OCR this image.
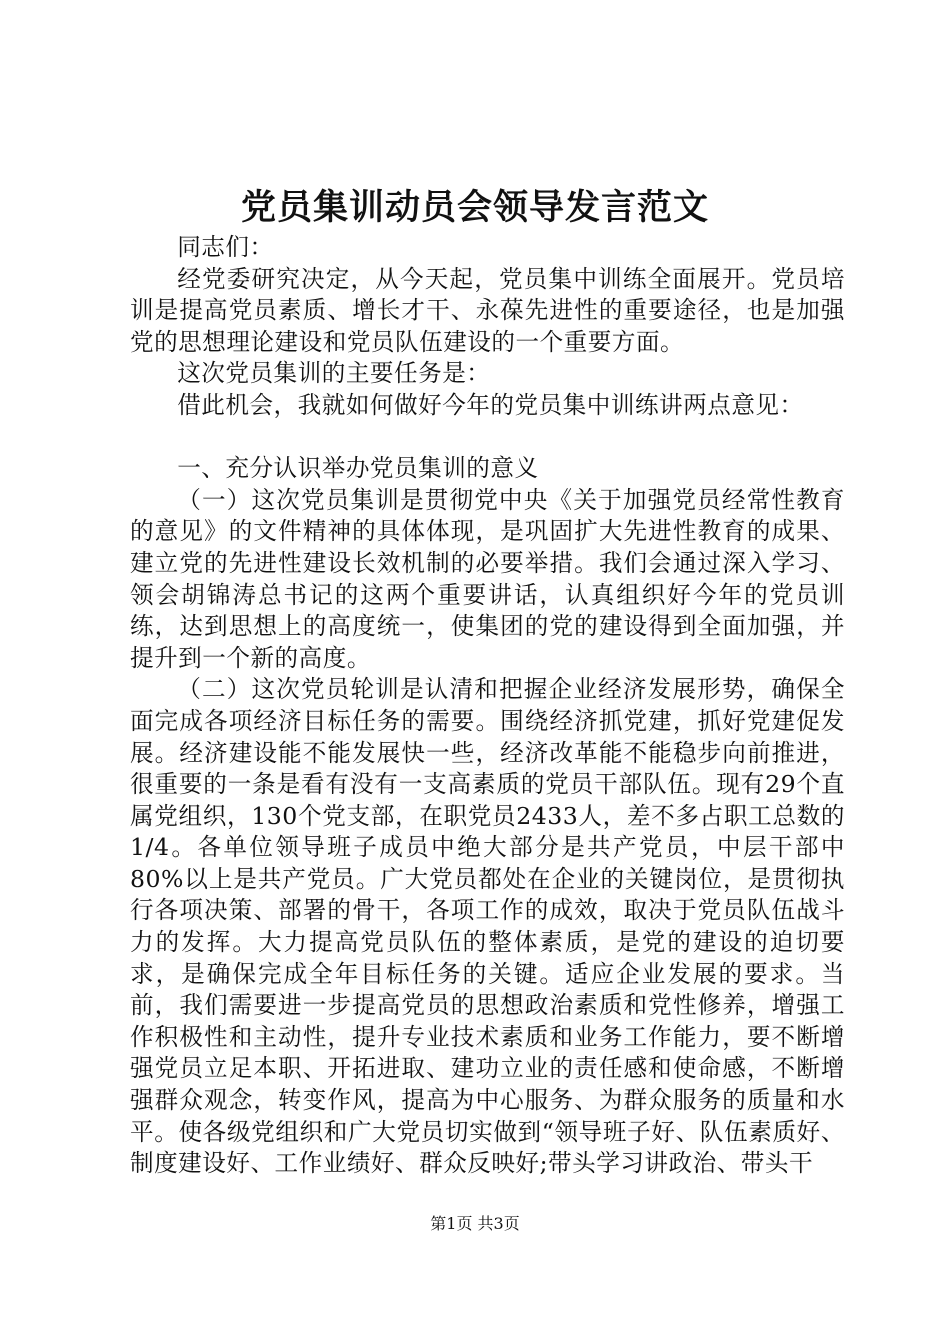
党员集训动员会领导发言范文

同志们：

经党委研究决定，从今天起，党员集中训练全面展开。党员培训是提高党员素质、增长才干、永葆先进性的重要途径，也是加强党的思想理论建设和党员队伍建设的一个重要方面。

这次党员集训的主要任务是：

借此机会，我就如何做好今年的党员集中训练讲两点意见：

一、充分认识举办党员集训的意义

（一）这次党员集训是贯彻党中央《关于加强党员经常性教育的意见》的文件精神的具体体现，是巩固扩大先进性教育的成果、建立党的先进性建设长效机制的必要举措。我们会通过深入学习、领会胡锦涛总书记的这两个重要讲话，认真组织好今年的党员训练，达到思想上的高度统一，使集团的党的建设得到全面加强，并提升到一个新的高度。

（二）这次党员轮训是认清和把握企业经济发展形势，确保全面完成各项经济目标任务的需要。围绕经济抓党建，抓好党建促发展。经济建设能不能发展快一些，经济改革能不能稳步向前推进，很重要的一条是看有没有一支高素质的党员干部队伍。现有29个直属党组织，130个党支部，在职党员2433人，差不多占职工总数的1/4。各单位领导班子成员中绝大部分是共产党员，中层干部中80%以上是共产党员。广大党员都处在企业的关键岗位，是贯彻执行各项决策、部署的骨干，各项工作的成效，取决于党员队伍战斗力的发挥。大力提高党员队伍的整体素质，是党的建设的迫切要求，是确保完成全年目标任务的关键。适应企业发展的要求。当前，我们需要进一步提高党员的思想政治素质和党性修养，增强工作积极性和主动性，提升专业技术素质和业务工作能力，要不断增强党员立足本职、开拓进取、建功立业的责任感和使命感，不断增强群众观念，转变作风，提高为中心服务、为群众服务的质量和水平。使各级党组织和广大党员切实做到“领导班子好、队伍素质好、制度建设好、工作业绩好、群众反映好;带头学习讲政治、带头干

第1页 共3页
